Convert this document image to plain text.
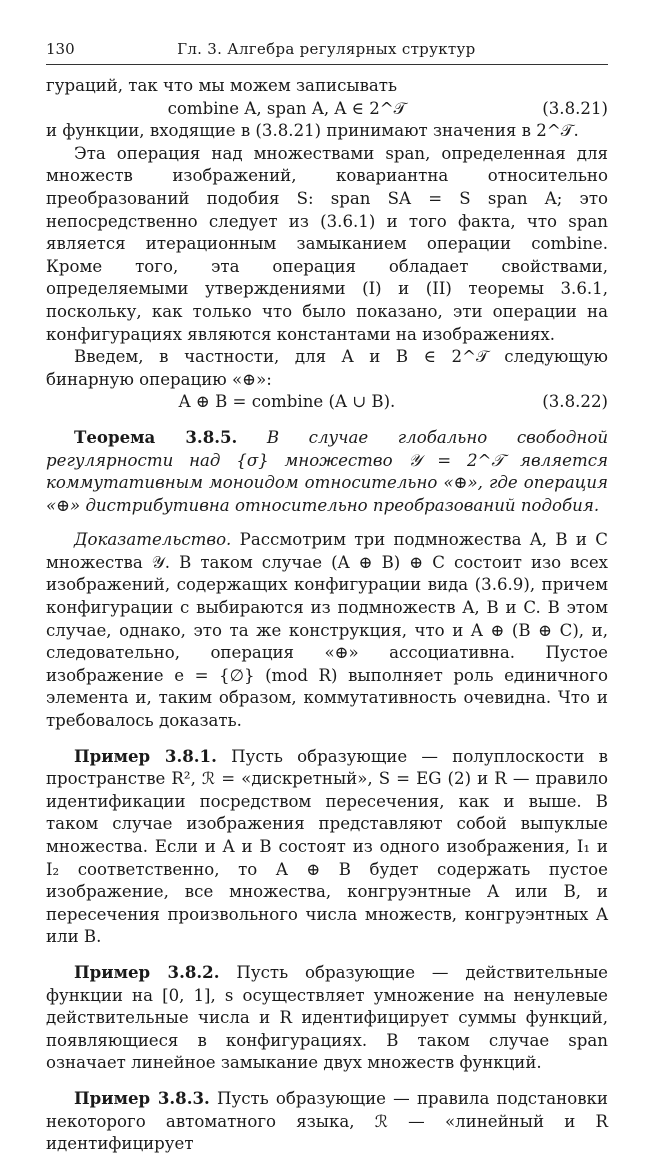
130	Гл. 3. Алгебра регулярных структур

гураций, так что мы можем записывать

combine A, span A, A ∈ 2^𝒯	(3.8.21)

и функции, входящие в (3.8.21) принимают значения в 2^𝒯.

Эта операция над множествами span, определенная для множеств изображений, ковариантна относительно преобразований подобия S: span SA = S span A; это непосредственно следует из (3.6.1) и того факта, что span является итерационным замыканием операции combine. Кроме того, эта операция обладает свойствами, определяемыми утверждениями (I) и (II) теоремы 3.6.1, поскольку, как только что было показано, эти операции на конфигурациях являются константами на изображениях.

Введем, в частности, для A и B ∈ 2^𝒯 следующую бинарную операцию «⊕»:

A ⊕ B = combine (A ∪ B).	(3.8.22)

Теорема 3.8.5. В случае глобально свободной регулярности над {σ} множество 𝒴 = 2^𝒯 является коммутативным моноидом относительно «⊕», где операция «⊕» дистрибутивна относительно преобразований подобия.

Доказательство. Рассмотрим три подмножества A, B и C множества 𝒴. В таком случае (A ⊕ B) ⊕ C состоит изо всех изображений, содержащих конфигурации вида (3.6.9), причем конфигурации c выбираются из подмножеств A, B и C. В этом случае, однако, это та же конструкция, что и A ⊕ (B ⊕ C), и, следовательно, операция «⊕» ассоциативна. Пустое изображение e = {∅} (mod R) выполняет роль единичного элемента и, таким образом, коммутативность очевидна. Что и требовалось доказать.

Пример 3.8.1. Пусть образующие — полуплоскости в пространстве R², ℛ = «дискретный», S = EG (2) и R — правило идентификации посредством пересечения, как и выше. В таком случае изображения представляют собой выпуклые множества. Если и A и B состоят из одного изображения, I₁ и I₂ соответственно, то A ⊕ B будет содержать пустое изображение, все множества, конгруэнтные A или B, и пересечения произвольного числа множеств, конгруэнтных A или B.

Пример 3.8.2. Пусть образующие — действительные функции на [0, 1], s осуществляет умножение на ненулевые действительные числа и R идентифицирует суммы функций, появляющиеся в конфигурациях. В таком случае span означает линейное замыкание двух множеств функций.

Пример 3.8.3. Пусть образующие — правила подстановки некоторого автоматного языка, ℛ — «линейный и R идентифицирует
